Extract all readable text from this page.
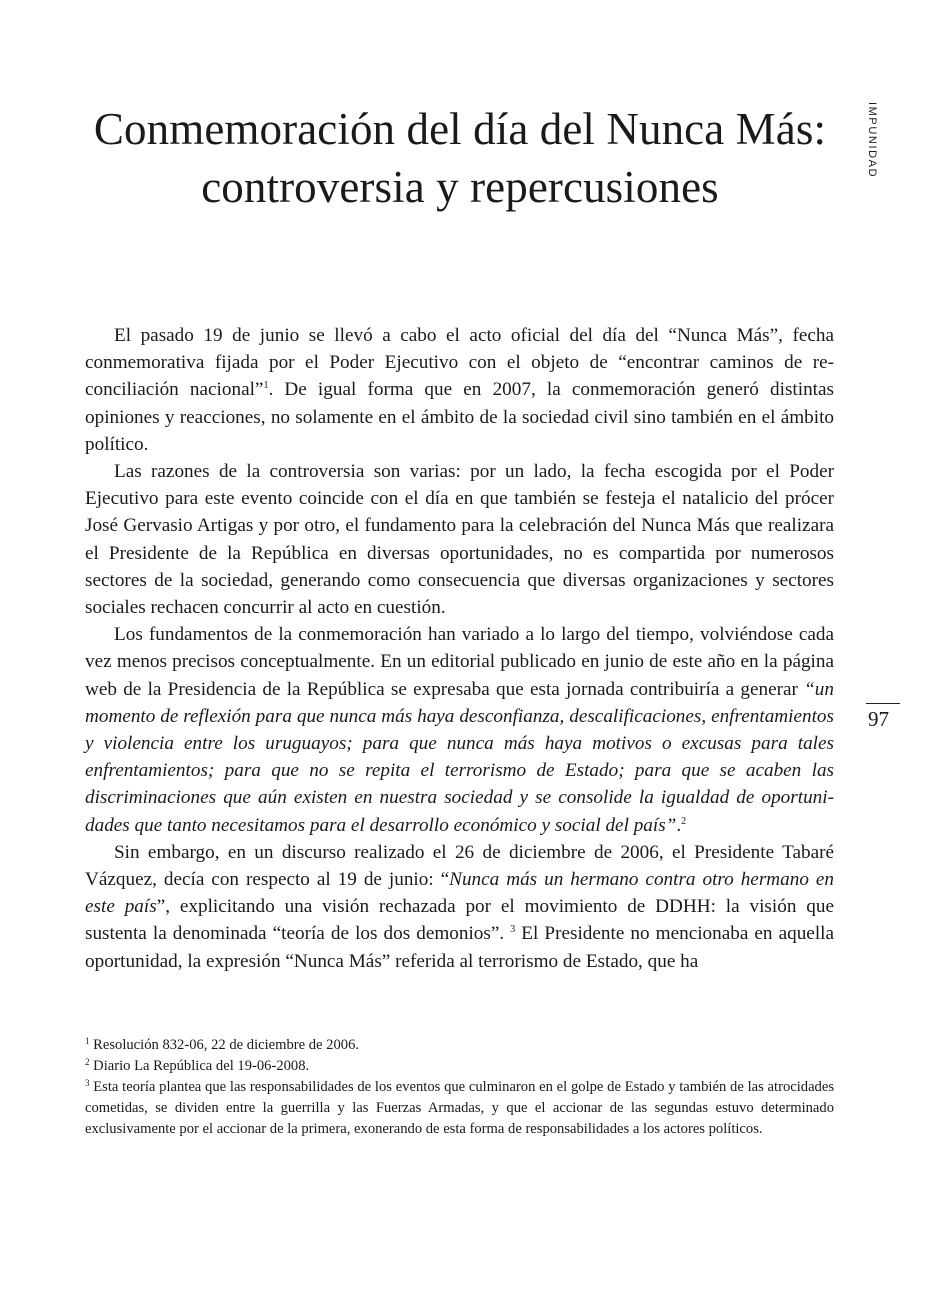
Conmemoración del día del Nunca Más:
controversia y repercusiones
IMPUNIDAD
97

El pasado 19 de junio se llevó a cabo el acto oficial del día del “Nunca Más”, fecha conmemorativa fijada por el Poder Ejecutivo con el objeto de “encontrar caminos de reconciliación nacional”$^1$. De igual forma que en 2007, la conmemoración generó distintas opiniones y reacciones, no solamente en el ámbito de la sociedad civil sino también en el ámbito político.

Las razones de la controversia son varias: por un lado, la fecha escogida por el Poder Ejecutivo para este evento coincide con el día en que también se festeja el natalicio del prócer José Gervasio Artigas y por otro, el fundamento para la celebración del Nunca Más que realizara el Presidente de la República en diversas oportunidades, no es compartida por numerosos sectores de la sociedad, generando como consecuencia que diversas organizaciones y sectores sociales rechacen concurrir al acto en cuestión.

Los fundamentos de la conmemoración han variado a lo largo del tiempo, volviéndose cada vez menos precisos conceptualmente. En un editorial publicado en junio de este año en la página web de la Presidencia de la República se expresaba que esta jornada contribuiría a generar “un momento de reflexión para que nunca más haya desconfianza, descalificaciones, enfrentamientos y violencia entre los uruguayos; para que nunca más haya motivos o excusas para tales enfrentamientos; para que no se repita el terrorismo de Estado; para que se acaben las discriminaciones que aún existen en nuestra sociedad y se consolide la igualdad de oportunidades que tanto necesitamos para el desarrollo económico y social del país”.$^2$

Sin embargo, en un discurso realizado el 26 de diciembre de 2006, el Presidente Tabaré Vázquez, decía con respecto al 19 de junio: “Nunca más un hermano contra otro hermano en este país”, explicitando una visión rechazada por el movimiento de DDHH: la visión que sustenta la denominada “teoría de los dos demonios”. $^3$ El Presidente no mencionaba en aquella oportunidad, la expresión “Nunca Más” referida al terrorismo de Estado, que ha

$^1$ Resolución 832-06, 22 de diciembre de 2006.

$^2$ Diario La República del 19-06-2008.

$^3$ Esta teoría plantea que las responsabilidades de los eventos que culminaron en el golpe de Estado y también de las atrocidades cometidas, se dividen entre la guerrilla y las Fuerzas Armadas, y que el accionar de las segundas estuvo determinado exclusivamente por el accionar de la primera, exonerando de esta forma de responsabilidades a los actores políticos.
